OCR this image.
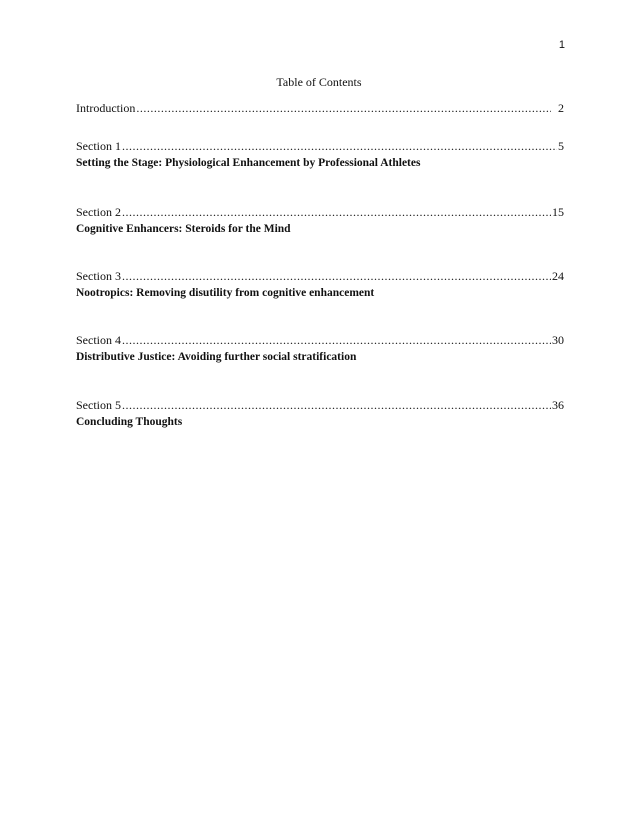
1
Table of Contents
Introduction .....	2
Section 1 .....	5
Setting the Stage: Physiological Enhancement by Professional Athletes
Section 2 .....	15
Cognitive Enhancers: Steroids for the Mind
Section 3 .....	24
Nootropics: Removing disutility from cognitive enhancement
Section 4 .....	30
Distributive Justice: Avoiding further social stratification
Section 5 .....	36
Concluding Thoughts
